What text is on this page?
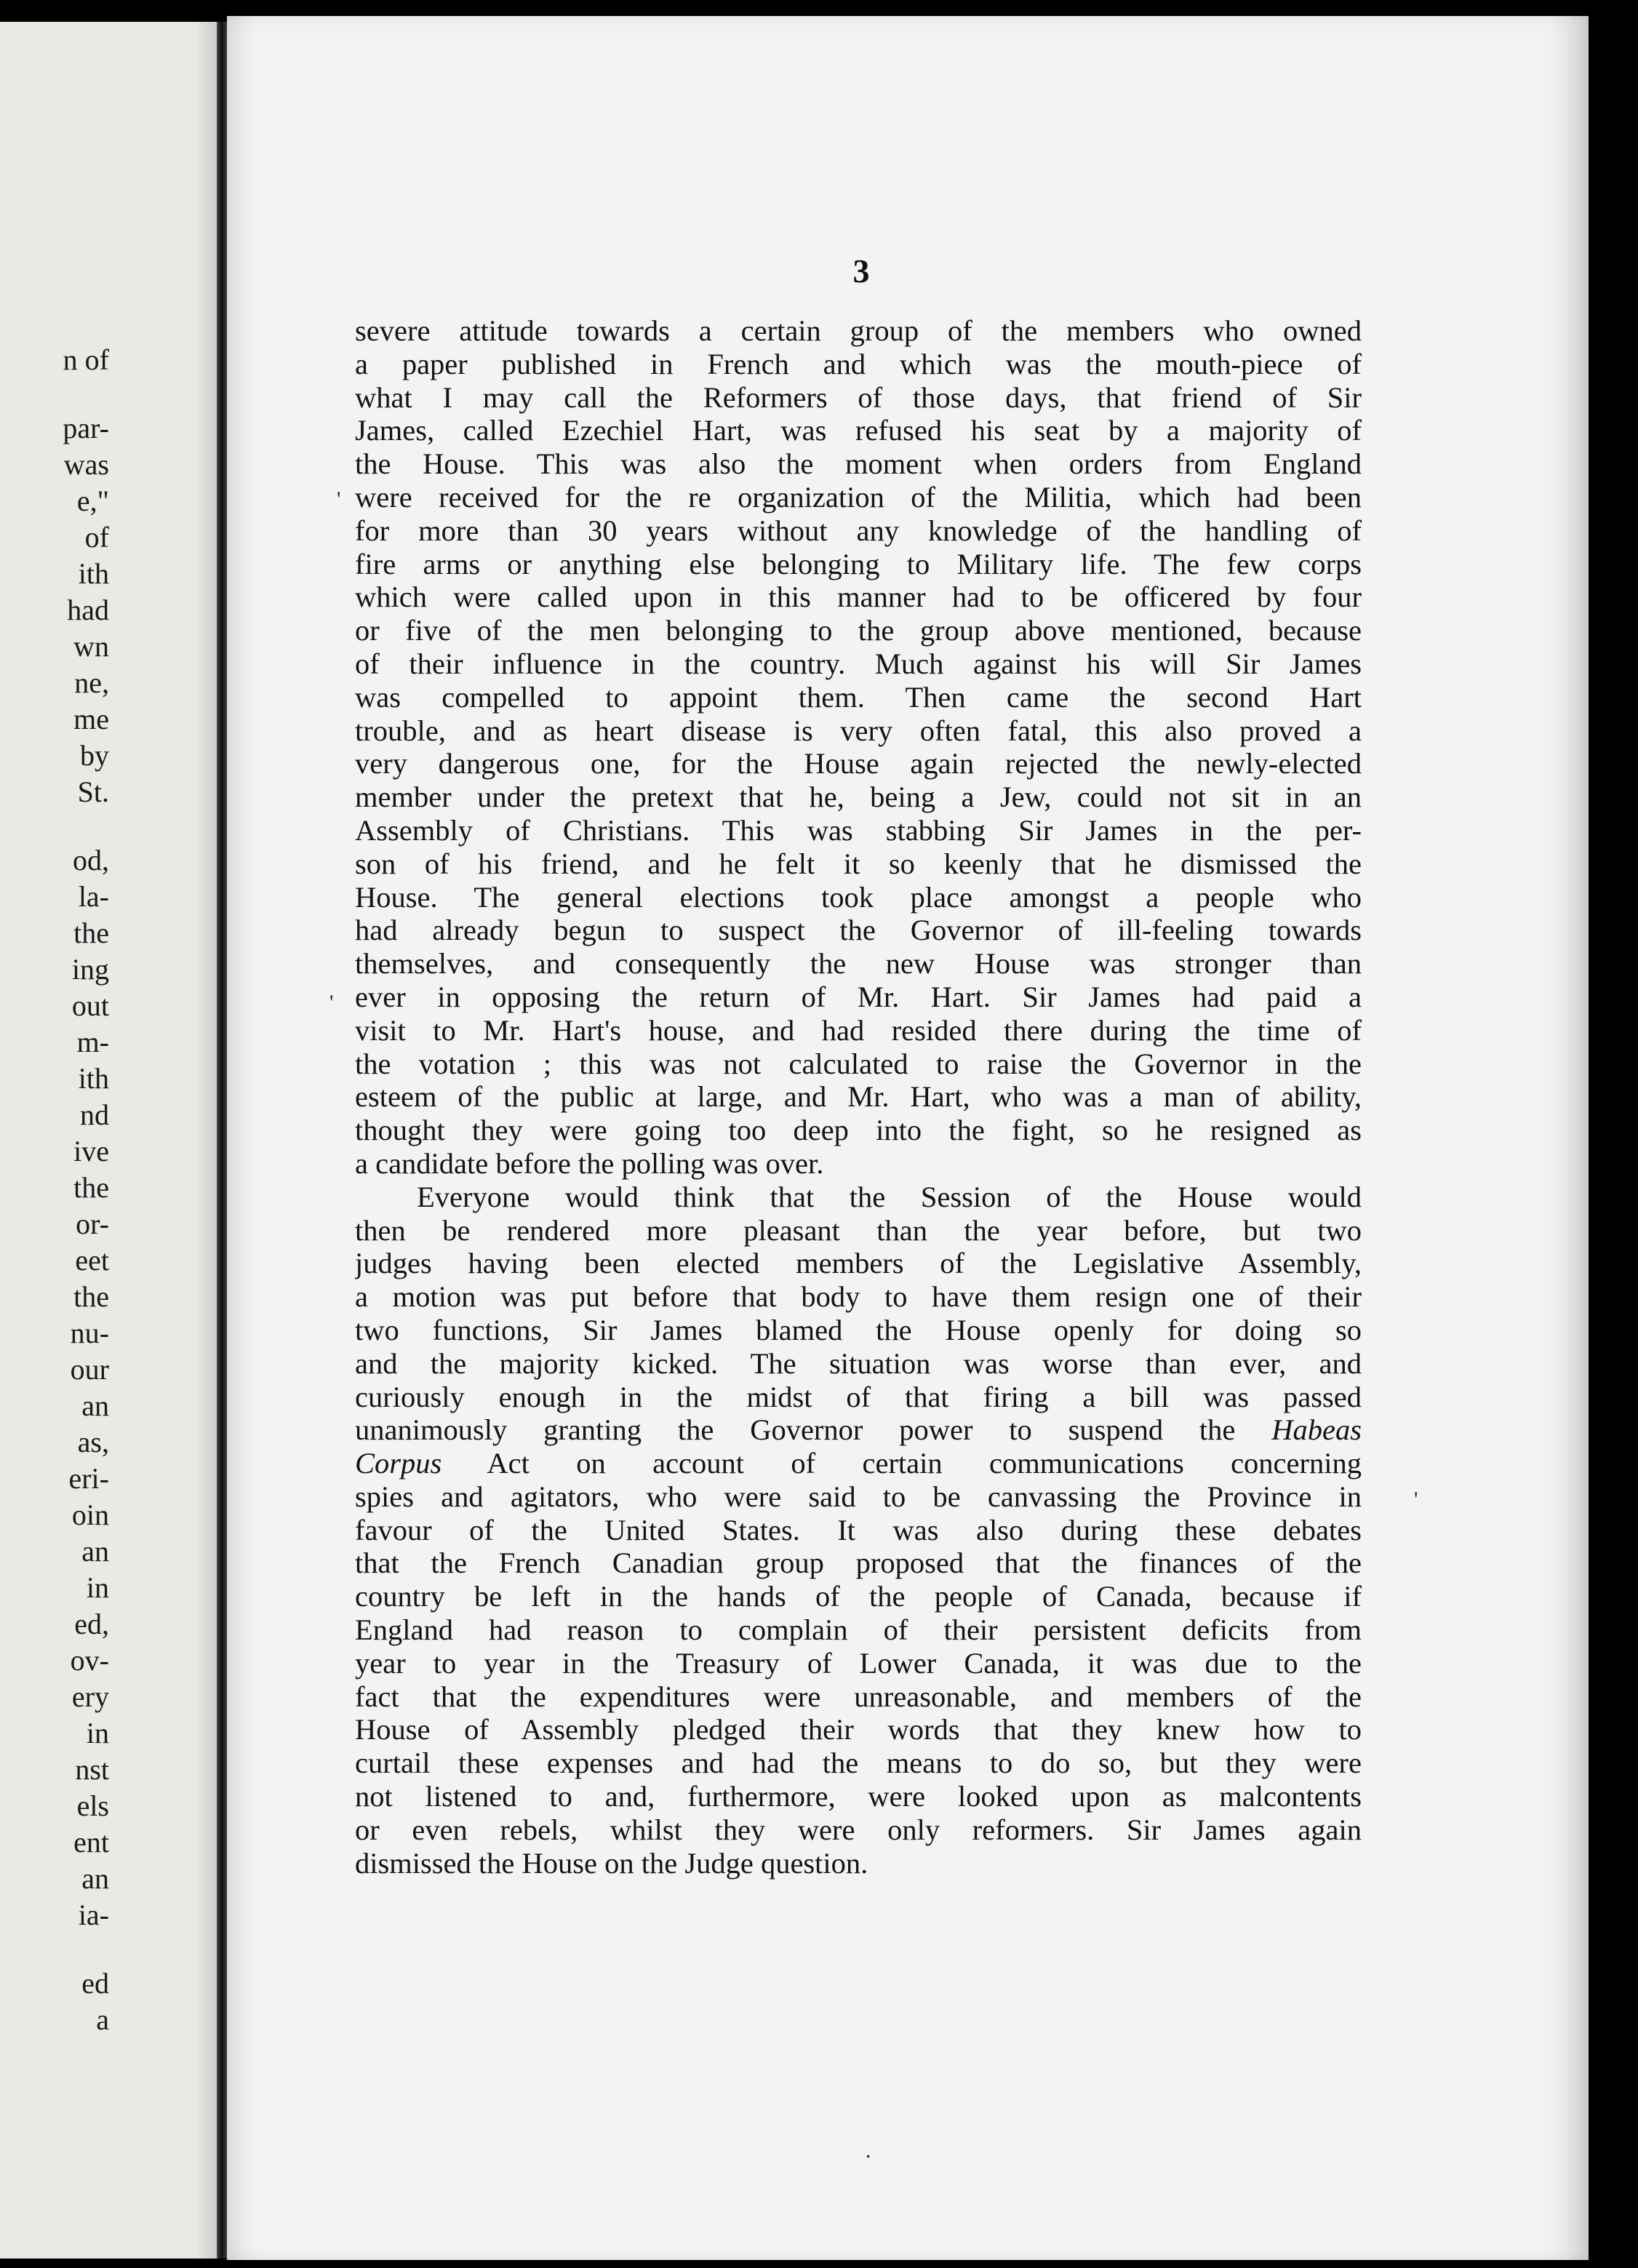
n of
par-
was
e,"
of
ith
had
wn
ne,
me
by
St.
od,
la-
the
ing
out
m-
ith
nd
ive
the
or-
eet
the
nu-
our
an
as,
eri-
oin
an
in
ed,
ov-
ery
in
nst
els
ent
an
ia-
ed
a
3
severe attitude towards a certain group of the members who owned
a paper published in French and which was the mouth-piece of
what I may call the Reformers of those days, that friend of Sir
James, called Ezechiel Hart, was refused his seat by a majority of
the House. This was also the moment when orders from England
were received for the re organization of the Militia, which had been
for more than 30 years without any knowledge of the handling of
fire arms or anything else belonging to Military life. The few corps
which were called upon in this manner had to be officered by four
or five of the men belonging to the group above mentioned, because
of their influence in the country. Much against his will Sir James
was compelled to appoint them. Then came the second Hart
trouble, and as heart disease is very often fatal, this also proved a
very dangerous one, for the House again rejected the newly-elected
member under the pretext that he, being a Jew, could not sit in an
Assembly of Christians. This was stabbing Sir James in the per-
son of his friend, and he felt it so keenly that he dismissed the
House. The general elections took place amongst a people who
had already begun to suspect the Governor of ill-feeling towards
themselves, and consequently the new House was stronger than
ever in opposing the return of Mr. Hart. Sir James had paid a
visit to Mr. Hart's house, and had resided there during the time of
the votation ; this was not calculated to raise the Governor in the
esteem of the public at large, and Mr. Hart, who was a man of ability,
thought they were going too deep into the fight, so he resigned as
a candidate before the polling was over.
Everyone would think that the Session of the House would
then be rendered more pleasant than the year before, but two
judges having been elected members of the Legislative Assembly,
a motion was put before that body to have them resign one of their
two functions, Sir James blamed the House openly for doing so
and the majority kicked. The situation was worse than ever, and
curiously enough in the midst of that firing a bill was passed
unanimously granting the Governor power to suspend the Habeas
Corpus Act on account of certain communications concerning
spies and agitators, who were said to be canvassing the Province in
favour of the United States. It was also during these debates
that the French Canadian group proposed that the finances of the
country be left in the hands of the people of Canada, because if
England had reason to complain of their persistent deficits from
year to year in the Treasury of Lower Canada, it was due to the
fact that the expenditures were unreasonable, and members of the
House of Assembly pledged their words that they knew how to
curtail these expenses and had the means to do so, but they were
not listened to and, furthermore, were looked upon as malcontents
or even rebels, whilst they were only reformers. Sir James again
dismissed the House on the Judge question.
'
'
'
.
